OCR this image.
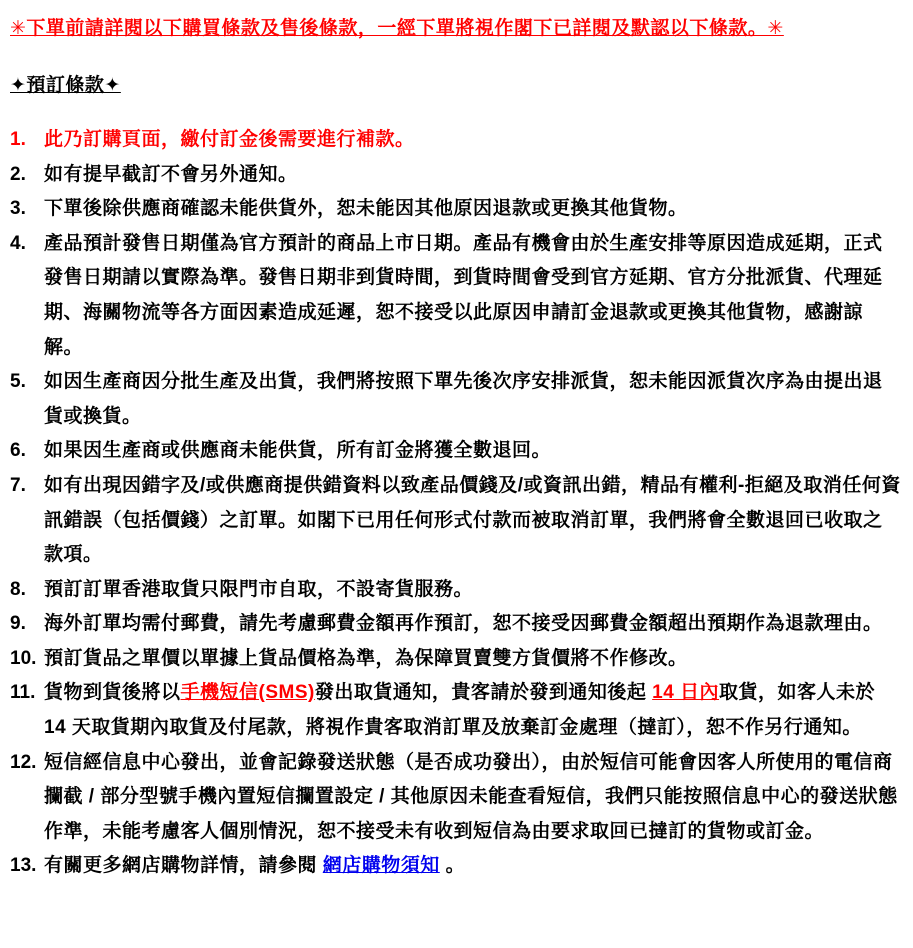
✳下單前請詳閱以下購買條款及售後條款，一經下單將視作閣下已詳閱及默認以下條款。✳
✦預訂條款✦
1. 此乃訂購頁面，繳付訂金後需要進行補款。
2. 如有提早截訂不會另外通知。
3. 下單後除供應商確認未能供貨外，恕未能因其他原因退款或更換其他貨物。
4. 產品預計發售日期僅為官方預計的商品上市日期。產品有機會由於生產安排等原因造成延期，正式發售日期請以實際為準。發售日期非到貨時間，到貨時間會受到官方延期、官方分批派貨、代理延期、海關物流等各方面因素造成延遲，恕不接受以此原因申請訂金退款或更換其他貨物，感謝諒解。
5. 如因生產商因分批生產及出貨，我們將按照下單先後次序安排派貨，恕未能因派貨次序為由提出退貨或換貨。
6. 如果因生產商或供應商未能供貨，所有訂金將獲全數退回。
7. 如有出現因錯字及/或供應商提供錯資料以致產品價錢及/或資訊出錯，精品有權利-拒絕及取消任何資訊錯誤（包括價錢）之訂單。如閣下已用任何形式付款而被取消訂單，我們將會全數退回已收取之款項。
8. 預訂訂單香港取貨只限門市自取，不設寄貨服務。
9. 海外訂單均需付郵費，請先考慮郵費金額再作預訂，恕不接受因郵費金額超出預期作為退款理由。
10. 預訂貨品之單價以單據上貨品價格為準，為保障買賣雙方貨價將不作修改。
11. 貨物到貨後將以手機短信(SMS)發出取貨通知，貴客請於發到通知後起 14 日內取貨，如客人未於 14 天取貨期內取貨及付尾款，將視作貴客取消訂單及放棄訂金處理（撻訂），恕不作另行通知。
12. 短信經信息中心發出，並會記錄發送狀態（是否成功發出），由於短信可能會因客人所使用的電信商攔截 / 部分型號手機內置短信攔置設定 / 其他原因未能查看短信，我們只能按照信息中心的發送狀態作準，未能考慮客人個別情況，恕不接受未有收到短信為由要求取回已撻訂的貨物或訂金。
13. 有關更多網店購物詳情，請參閱 網店購物須知 。
